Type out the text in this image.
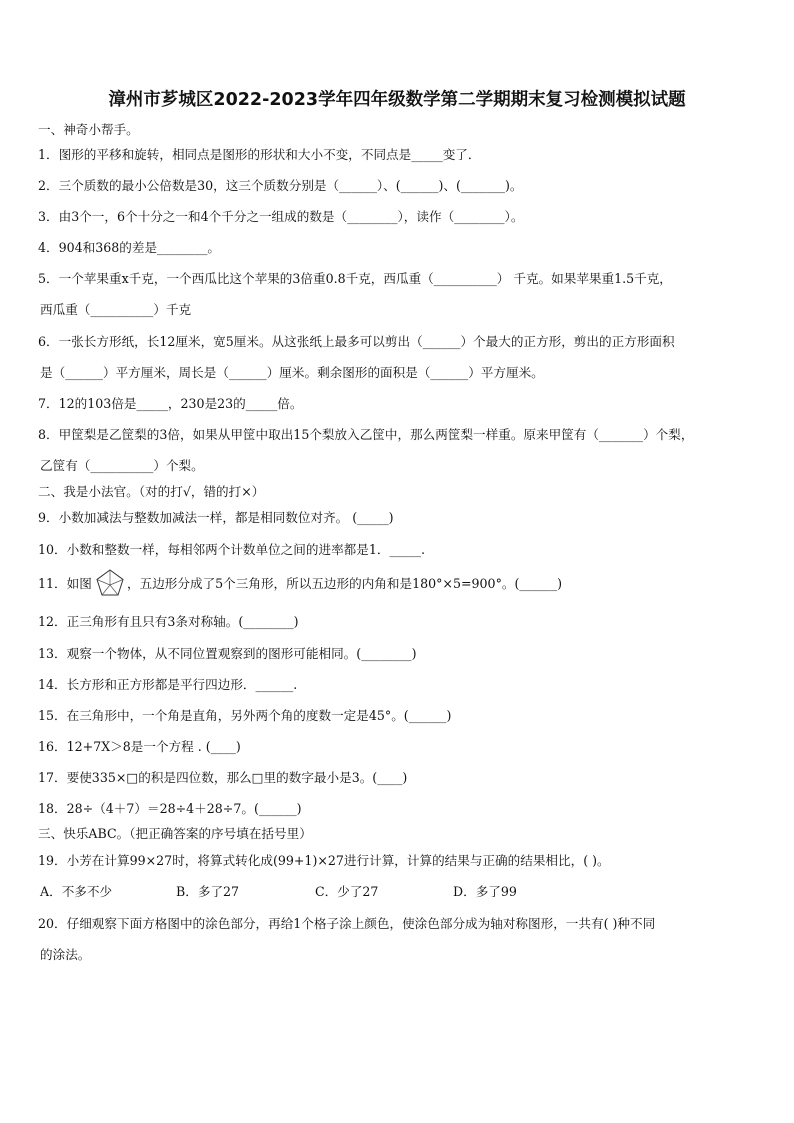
漳州市芗城区2022-2023学年四年级数学第二学期期末复习检测模拟试题
一、神奇小帮手。
1．图形的平移和旋转，相同点是图形的形状和大小不变，不同点是_____变了．
2．三个质数的最小公倍数是30，这三个质数分别是（______）、(______)、(_______)。
3．由3个一，6个十分之一和4个千分之一组成的数是（________），读作（________）。
4．904和368的差是________。
5．一个苹果重x千克，一个西瓜比这个苹果的3倍重0.8千克，西瓜重（__________） 千克。如果苹果重1.5千克，
西瓜重（__________）千克
6．一张长方形纸，长12厘米，宽5厘米。从这张纸上最多可以剪出（______）个最大的正方形，剪出的正方形面积
是（______）平方厘米，周长是（______）厘米。剩余图形的面积是（______）平方厘米。
7．12的103倍是_____，230是23的_____倍。
8．甲筐梨是乙筐梨的3倍，如果从甲筐中取出15个梨放入乙筐中，那么两筐梨一样重。原来甲筐有（_______）个梨，
乙筐有（__________）个梨。
二、我是小法官。（对的打√，错的打×）
9．小数加减法与整数加减法一样，都是相同数位对齐。 (_____)
10．小数和整数一样，每相邻两个计数单位之间的进率都是1．_____.
11．如图	，五边形分成了5个三角形，所以五边形的内角和是180°×5=900°。(______)
12．正三角形有且只有3条对称轴。(________)
13．观察一个物体，从不同位置观察到的图形可能相同。(________)
14．长方形和正方形都是平行四边形．______.
15．在三角形中，一个角是直角，另外两个角的度数一定是45°。(______)
16．12+7X＞8是一个方程 . (____)
17．要使335×□的积是四位数，那么□里的数字最小是3。(____)
18．28÷（4＋7）＝28÷4＋28÷7。(______)
三、快乐ABC。（把正确答案的序号填在括号里）
19．小芳在计算99×27时，将算式转化成(99+1)×27进行计算，计算的结果与正确的结果相比，( )。
A．不多不少	B．多了27	C．少了27	D．多了99
20．仔细观察下面方格图中的涂色部分，再给1个格子涂上颜色，使涂色部分成为轴对称图形，一共有( )种不同
的涂法。
